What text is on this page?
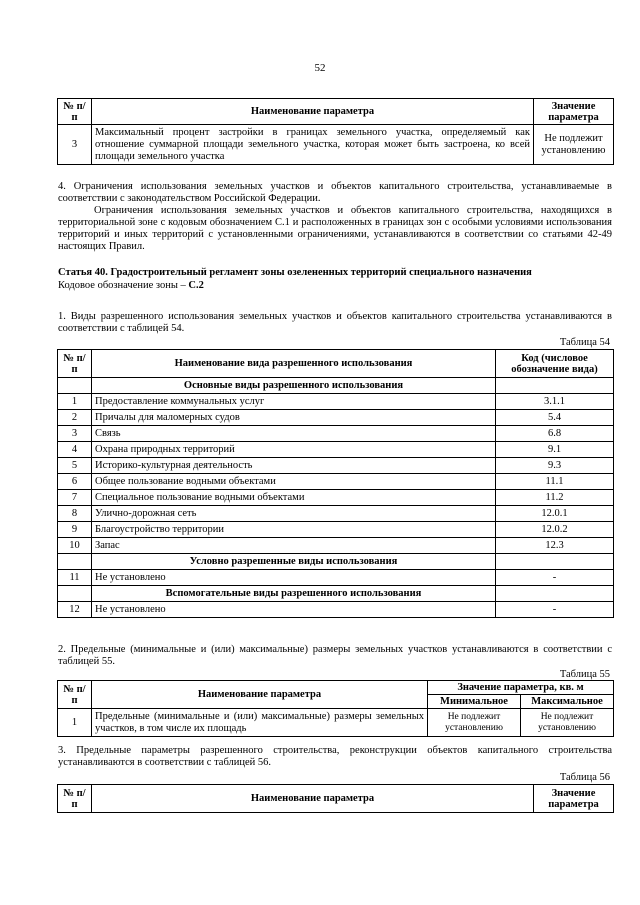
52
№ п/п	Наименование параметра	Значение параметра
3	Максимальный процент застройки в границах земельного участка, определяемый как отношение суммарной площади земельного участка, которая может быть застроена, ко всей площади земельного участка	Не подлежит установлению

4. Ограничения использования земельных участков и объектов капитального строительства, устанавливаемые в соответствии с законодательством Российской Федерации.

Ограничения использования земельных участков и объектов капитального строительства, находящихся в территориальной зоне с кодовым обозначением С.1 и расположенных в границах зон с особыми условиями использования территорий и иных территорий с установленными ограничениями, устанавливаются в соответствии со статьями 42-49 настоящих Правил.

Статья 40. Градостроительный регламент зоны озелененных территорий специального назначения

Кодовое обозначение зоны – С.2

1. Виды разрешенного использования земельных участков и объектов капитального строительства устанавливаются в соответствии с таблицей 54.

Таблица 54
№ п/п	Наименование вида разрешенного использования	Код (числовое обозначение вида)
	Основные виды разрешенного использования	
1	Предоставление коммунальных услуг	3.1.1
2	Причалы для маломерных судов	5.4
3	Связь	6.8
4	Охрана природных территорий	9.1
5	Историко-культурная деятельность	9.3
6	Общее пользование водными объектами	11.1
7	Специальное пользование водными объектами	11.2
8	Улично-дорожная сеть	12.0.1
9	Благоустройство территории	12.0.2
10	Запас	12.3
	Условно разрешенные виды использования	
11	Не установлено	-
	Вспомогательные виды разрешенного использования	
12	Не установлено	-

2. Предельные (минимальные и (или) максимальные) размеры земельных участков устанавливаются в соответствии с таблицей 55.

Таблица 55
№ п/п	Наименование параметра	Значение параметра, кв. м	
		Минимальное	Максимальное
1	Предельные (минимальные и (или) максимальные) размеры земельных участков, в том числе их площадь	Не подлежит установлению	Не подлежит установлению

3. Предельные параметры разрешенного строительства, реконструкции объектов капитального строительства устанавливаются в соответствии с таблицей 56.

Таблица 56
№ п/п	Наименование параметра	Значение параметра
